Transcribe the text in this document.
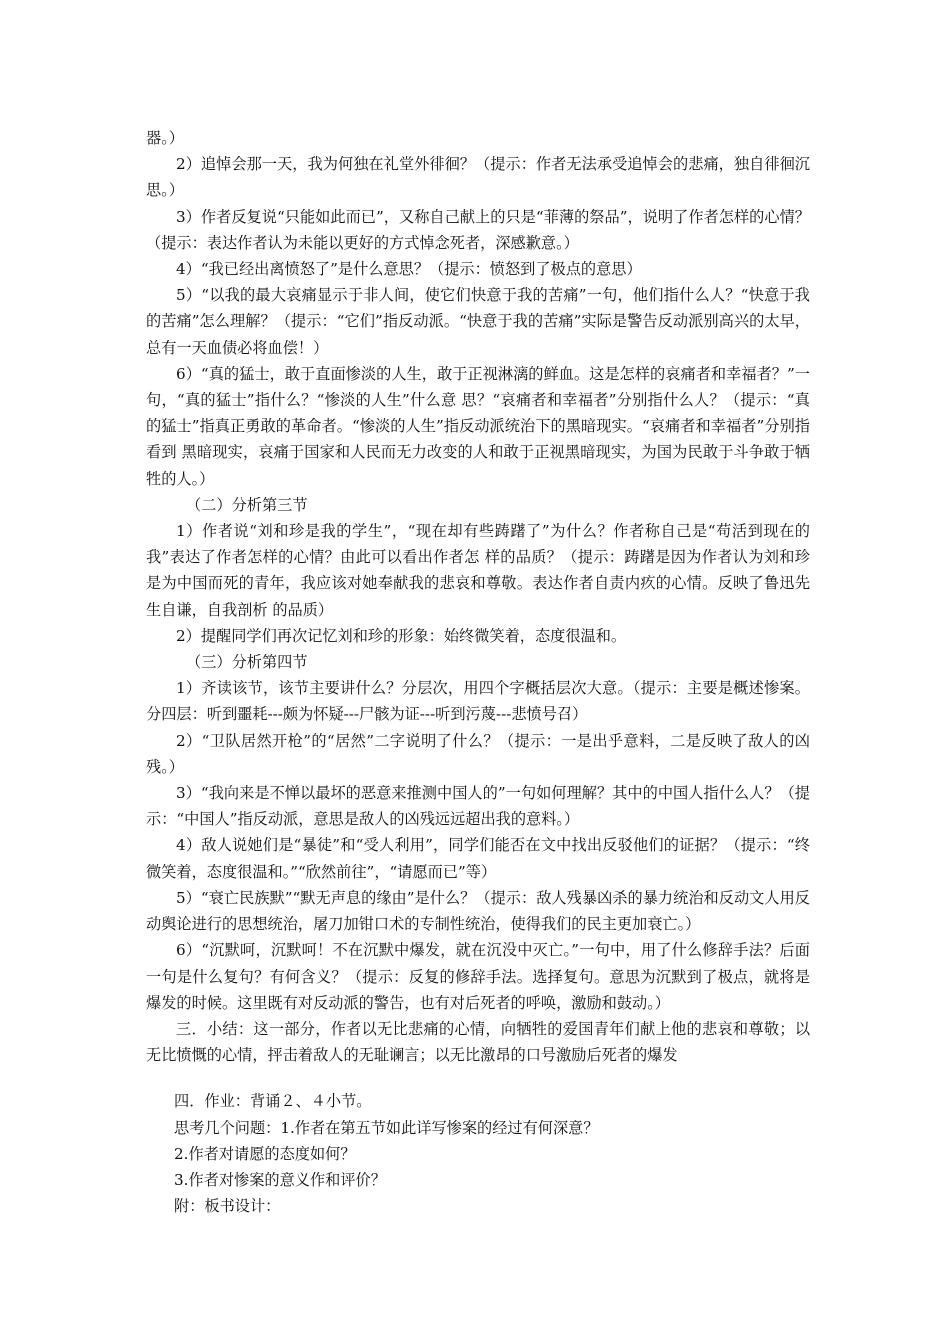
器。）

2）追悼会那一天，我为何独在礼堂外徘徊？（提示：作者无法承受追悼会的悲痛，独自徘徊沉思。）

3）作者反复说“只能如此而已”，又称自己献上的只是“菲薄的祭品”，说明了作者怎样的心情？（提示：表达作者认为未能以更好的方式悼念死者，深感歉意。）

4）“我已经出离愤怒了”是什么意思？（提示：愤怒到了极点的意思）

5）“以我的最大哀痛显示于非人间，使它们快意于我的苦痛”一句，他们指什么人？“快意于我的苦痛”怎么理解？（提示：“它们”指反动派。“快意于我的苦痛”实际是警告反动派别高兴的太早，总有一天血债必将血偿！）

6）“真的猛士，敢于直面惨淡的人生，敢于正视淋漓的鲜血。这是怎样的哀痛者和幸福者？”一句，“真的猛士”指什么？“惨淡的人生”什么意 思？“哀痛者和幸福者”分别指什么人？（提示：“真的猛士”指真正勇敢的革命者。“惨淡的人生”指反动派统治下的黑暗现实。“哀痛者和幸福者”分别指看到 黑暗现实，哀痛于国家和人民而无力改变的人和敢于正视黑暗现实，为国为民敢于斗争敢于牺牲的人。）

（二）分析第三节

1）作者说“刘和珍是我的学生”，“现在却有些踌躇了”为什么？作者称自己是“苟活到现在的我”表达了作者怎样的心情？由此可以看出作者怎 样的品质？（提示：踌躇是因为作者认为刘和珍是为中国而死的青年，我应该对她奉献我的悲哀和尊敬。表达作者自责内疚的心情。反映了鲁迅先生自谦，自我剖析 的品质）

2）提醒同学们再次记忆刘和珍的形象：始终微笑着，态度很温和。

（三）分析第四节

1）齐读该节，该节主要讲什么？分层次，用四个字概括层次大意。（提示：主要是概述惨案。分四层：听到噩耗---颇为怀疑---尸骸为证---听到污蔑---悲愤号召）

2）“卫队居然开枪”的“居然”二字说明了什么？（提示：一是出乎意料，二是反映了敌人的凶残。）

3）“我向来是不惮以最坏的恶意来推测中国人的”一句如何理解？其中的中国人指什么人？（提示：“中国人”指反动派，意思是敌人的凶残远远超出我的意料。）

4）敌人说她们是“暴徒”和“受人利用”，同学们能否在文中找出反驳他们的证据？（提示：“终微笑着，态度很温和。”“欣然前往”，“请愿而已”等）

5）“衰亡民族默”“默无声息的缘由”是什么？（提示：敌人残暴凶杀的暴力统治和反动文人用反动舆论进行的思想统治，屠刀加钳口术的专制性统治，使得我们的民主更加衰亡。）

6）“沉默呵，沉默呵！不在沉默中爆发，就在沉没中灭亡。”一句中，用了什么修辞手法？后面一句是什么复句？有何含义？（提示：反复的修辞手法。选择复句。意思为沉默到了极点，就将是爆发的时候。这里既有对反动派的警告，也有对后死者的呼唤，激励和鼓动。）

三．小结：这一部分，作者以无比悲痛的心情，向牺牲的爱国青年们献上他的悲哀和尊敬；以无比愤慨的心情，抨击着敌人的无耻谰言；以无比激昂的口号激励后死者的爆发

四．作业：背诵２、４小节。

思考几个问题：1.作者在第五节如此详写惨案的经过有何深意？

2.作者对请愿的态度如何？

3.作者对惨案的意义作和评价？

附：板书设计：
